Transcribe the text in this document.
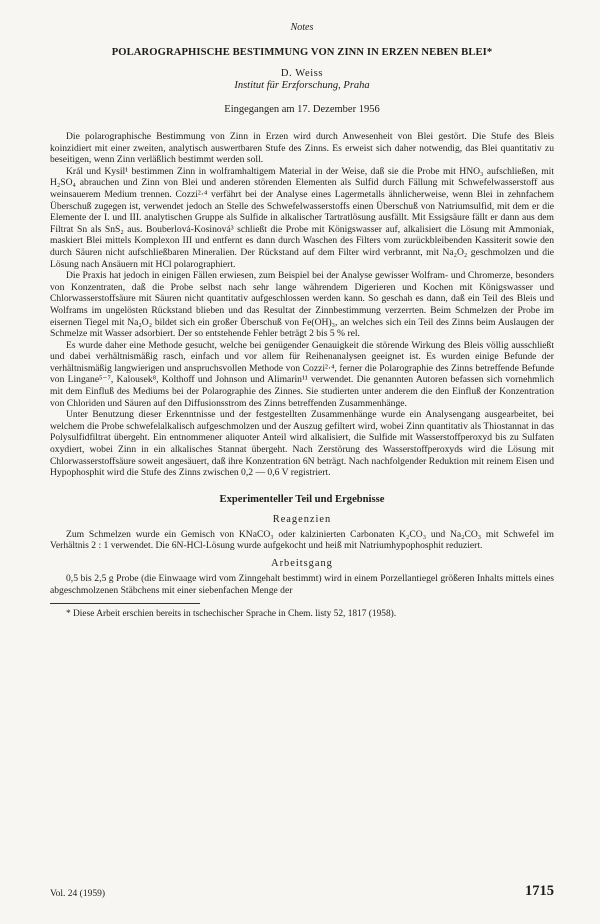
Notes
POLAROGRAPHISCHE BESTIMMUNG VON ZINN IN ERZEN NEBEN BLEI*
D. Weiss
Institut für Erzforschung, Praha
Eingegangen am 17. Dezember 1956

Die polarographische Bestimmung von Zinn in Erzen wird durch Anwesenheit von Blei gestört. Die Stufe des Bleis koinzidiert mit einer zweiten, analytisch auswertbaren Stufe des Zinns. Es erweist sich daher notwendig, das Blei quantitativ zu beseitigen, wenn Zinn verläßlich bestimmt werden soll.

Král und Kysil¹ bestimmen Zinn in wolframhaltigem Material in der Weise, daß sie die Probe mit HNO₃ aufschließen, mit H₂SO₄ abrauchen und Zinn von Blei und anderen störenden Elementen als Sulfid durch Fällung mit Schwefelwasserstoff aus weinsauerem Medium trennen. Cozzi²·⁴ verfährt bei der Analyse eines Lagermetalls ähnlicherweise, wenn Blei in zehnfachem Überschuß zugegen ist, verwendet jedoch an Stelle des Schwefelwasserstoffs einen Überschuß von Natriumsulfid, mit dem er die Elemente der I. und III. analytischen Gruppe als Sulfide in alkalischer Tartratlösung ausfällt. Mit Essigsäure fällt er dann aus dem Filtrat Sn als SnS₂ aus. Bouberlová-Kosinová³ schließt die Probe mit Königswasser auf, alkalisiert die Lösung mit Ammoniak, maskiert Blei mittels Komplexon III und entfernt es dann durch Waschen des Filters vom zurückbleibenden Kassiterit sowie den durch Säuren nicht aufschließbaren Mineralien. Der Rückstand auf dem Filter wird verbrannt, mit Na₂O₂ geschmolzen und die Lösung nach Ansäuern mit HCl polarographiert.

Die Praxis hat jedoch in einigen Fällen erwiesen, zum Beispiel bei der Analyse gewisser Wolfram- und Chromerze, besonders von Konzentraten, daß die Probe selbst nach sehr lange währendem Digerieren und Kochen mit Königswasser und Chlorwasserstoffsäure mit Säuren nicht quantitativ aufgeschlossen werden kann. So geschah es dann, daß ein Teil des Bleis und Wolframs im ungelösten Rückstand blieben und das Resultat der Zinnbestimmung verzerrten. Beim Schmelzen der Probe im eisernen Tiegel mit Na₂O₂ bildet sich ein großer Überschuß von Fe(OH)₃, an welches sich ein Teil des Zinns beim Auslaugen der Schmelze mit Wasser adsorbiert. Der so entstehende Fehler beträgt 2 bis 5 % rel.

Es wurde daher eine Methode gesucht, welche bei genügender Genauigkeit die störende Wirkung des Bleis völlig ausschließt und dabei verhältnismäßig rasch, einfach und vor allem für Reihenanalysen geeignet ist. Es wurden einige Befunde der verhältnismäßig langwierigen und anspruchsvollen Methode von Cozzi²·⁴, ferner die Polarographie des Zinns betreffende Befunde von Lingane⁵⁻⁷, Kalousek⁸, Kolthoff und Johnson und Alimarin¹¹ verwendet. Die genannten Autoren befassen sich vornehmlich mit dem Einfluß des Mediums bei der Polarographie des Zinnes. Sie studierten unter anderem die den Einfluß der Konzentration von Chloriden und Säuren auf den Diffusionsstrom des Zinns betreffenden Zusammenhänge.

Unter Benutzung dieser Erkenntnisse und der festgestellten Zusammenhänge wurde ein Analysengang ausgearbeitet, bei welchem die Probe schwefelalkalisch aufgeschmolzen und der Auszug gefiltert wird, wobei Zinn quantitativ als Thiostannat in das Polysulfidfiltrat übergeht. Ein entnommener aliquoter Anteil wird alkalisiert, die Sulfide mit Wasserstoffperoxyd bis zu Sulfaten oxydiert, wobei Zinn in ein alkalisches Stannat übergeht. Nach Zerstörung des Wasserstoffperoxyds wird die Lösung mit Chlorwasserstoffsäure soweit angesäuert, daß ihre Konzentration 6N beträgt. Nach nachfolgender Reduktion mit reinem Eisen und Hypophosphit wird die Stufe des Zinns zwischen 0,2 — 0,6 V registriert.

Experimenteller Teil und Ergebnisse
Reagenzien

Zum Schmelzen wurde ein Gemisch von KNaCO₃ oder kalzinierten Carbonaten K₂CO₃ und Na₂CO₃ mit Schwefel im Verhältnis 2 : 1 verwendet. Die 6N-HCl-Lösung wurde aufgekocht und heiß mit Natriumhypophosphit reduziert.

Arbeitsgang

0,5 bis 2,5 g Probe (die Einwaage wird vom Zinngehalt bestimmt) wird in einem Porzellantiegel größeren Inhalts mittels eines abgeschmolzenen Stäbchens mit einer siebenfachen Menge der

* Diese Arbeit erschien bereits in tschechischer Sprache in Chem. listy 52, 1817 (1958).
Vol. 24 (1959)	1715
